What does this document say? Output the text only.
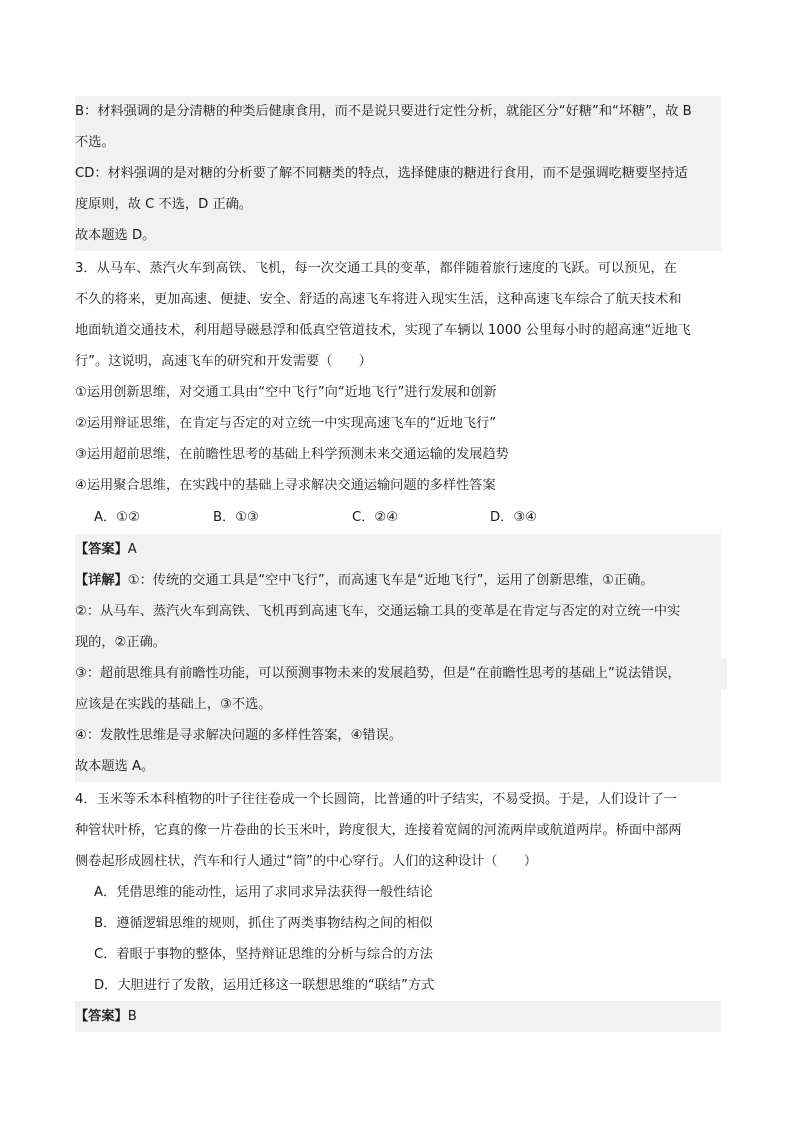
B：材料强调的是分清糖的种类后健康食用，而不是说只要进行定性分析，就能区分“好糖”和“坏糖”，故 B
不选。
CD：材料强调的是对糖的分析要了解不同糖类的特点，选择健康的糖进行食用，而不是强调吃糖要坚持适
度原则，故 C 不选，D 正确。
故本题选 D。
3．从马车、蒸汽火车到高铁、飞机，每一次交通工具的变革，都伴随着旅行速度的飞跃。可以预见，在
不久的将来，更加高速、便捷、安全、舒适的高速飞车将进入现实生活，这种高速飞车综合了航天技术和
地面轨道交通技术，利用超导磁悬浮和低真空管道技术，实现了车辆以 1000 公里每小时的超高速“近地飞
行”。这说明，高速飞车的研究和开发需要（　　）
①运用创新思维，对交通工具由“空中飞行”向“近地飞行”进行发展和创新
②运用辩证思维，在肯定与否定的对立统一中实现高速飞车的“近地飞行”
③运用超前思维，在前瞻性思考的基础上科学预测未来交通运输的发展趋势
④运用聚合思维，在实践中的基础上寻求解决交通运输问题的多样性答案
A．①②	B．①③	C．②④	D．③④
【答案】A
【详解】①：传统的交通工具是“空中飞行”，而高速飞车是“近地飞行”，运用了创新思维，①正确。
②：从马车、蒸汽火车到高铁、飞机再到高速飞车，交通运输工具的变革是在肯定与否定的对立统一中实
现的，②正确。
③：超前思维具有前瞻性功能，可以预测事物未来的发展趋势，但是“在前瞻性思考的基础上”说法错误，
应该是在实践的基础上，③不选。
④：发散性思维是寻求解决问题的多样性答案，④错误。
故本题选 A。
4．玉米等禾本科植物的叶子往往卷成一个长圆筒，比普通的叶子结实，不易受损。于是，人们设计了一
种管状叶桥，它真的像一片卷曲的长玉米叶，跨度很大，连接着宽阔的河流两岸或航道两岸。桥面中部两
侧卷起形成圆柱状，汽车和行人通过“筒”的中心穿行。人们的这种设计（　　）
A．凭借思维的能动性，运用了求同求异法获得一般性结论
B．遵循逻辑思维的规则，抓住了两类事物结构之间的相似
C．着眼于事物的整体，坚持辩证思维的分析与综合的方法
D．大胆进行了发散，运用迁移这一联想思维的“联结”方式
【答案】B
